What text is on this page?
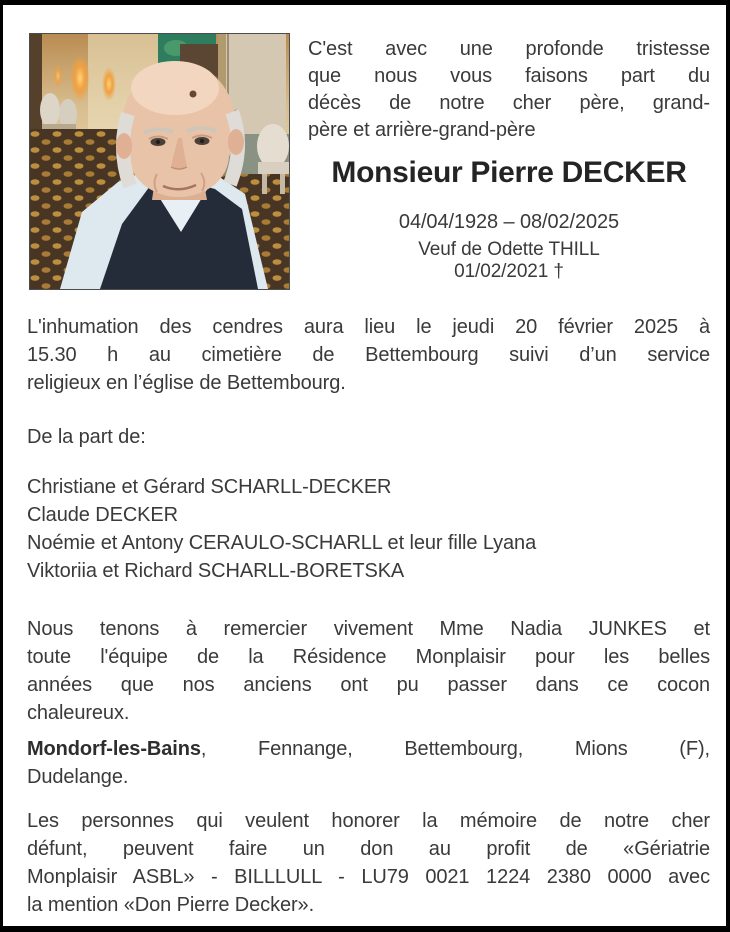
C'est avec une profonde tristesse
que nous vous faisons part du
décès de notre cher père, grand-
père et arrière-grand-père
Monsieur Pierre DECKER
04/04/1928 – 08/02/2025
Veuf de Odette THILL
01/02/2021 †
L'inhumation des cendres aura lieu le jeudi 20 février 2025 à
15.30 h au cimetière de Bettembourg suivi d’un service
religieux en l’église de Bettembourg.
De la part de:
Christiane et Gérard SCHARLL-DECKER
Claude DECKER
Noémie et Antony CERAULO-SCHARLL et leur fille Lyana
Viktoriia et Richard SCHARLL-BORETSKA
Nous tenons à remercier vivement Mme Nadia JUNKES et
toute l'équipe de la Résidence Monplaisir pour les belles
années que nos anciens ont pu passer dans ce cocon
chaleureux.
Mondorf-les-Bains, Fennange, Bettembourg, Mions (F),
Dudelange.
Les personnes qui veulent honorer la mémoire de notre cher
défunt, peuvent faire un don au profit de «Gériatrie
Monplaisir ASBL» - BILLLULL - LU79 0021 1224 2380 0000 avec
la mention «Don Pierre Decker».
